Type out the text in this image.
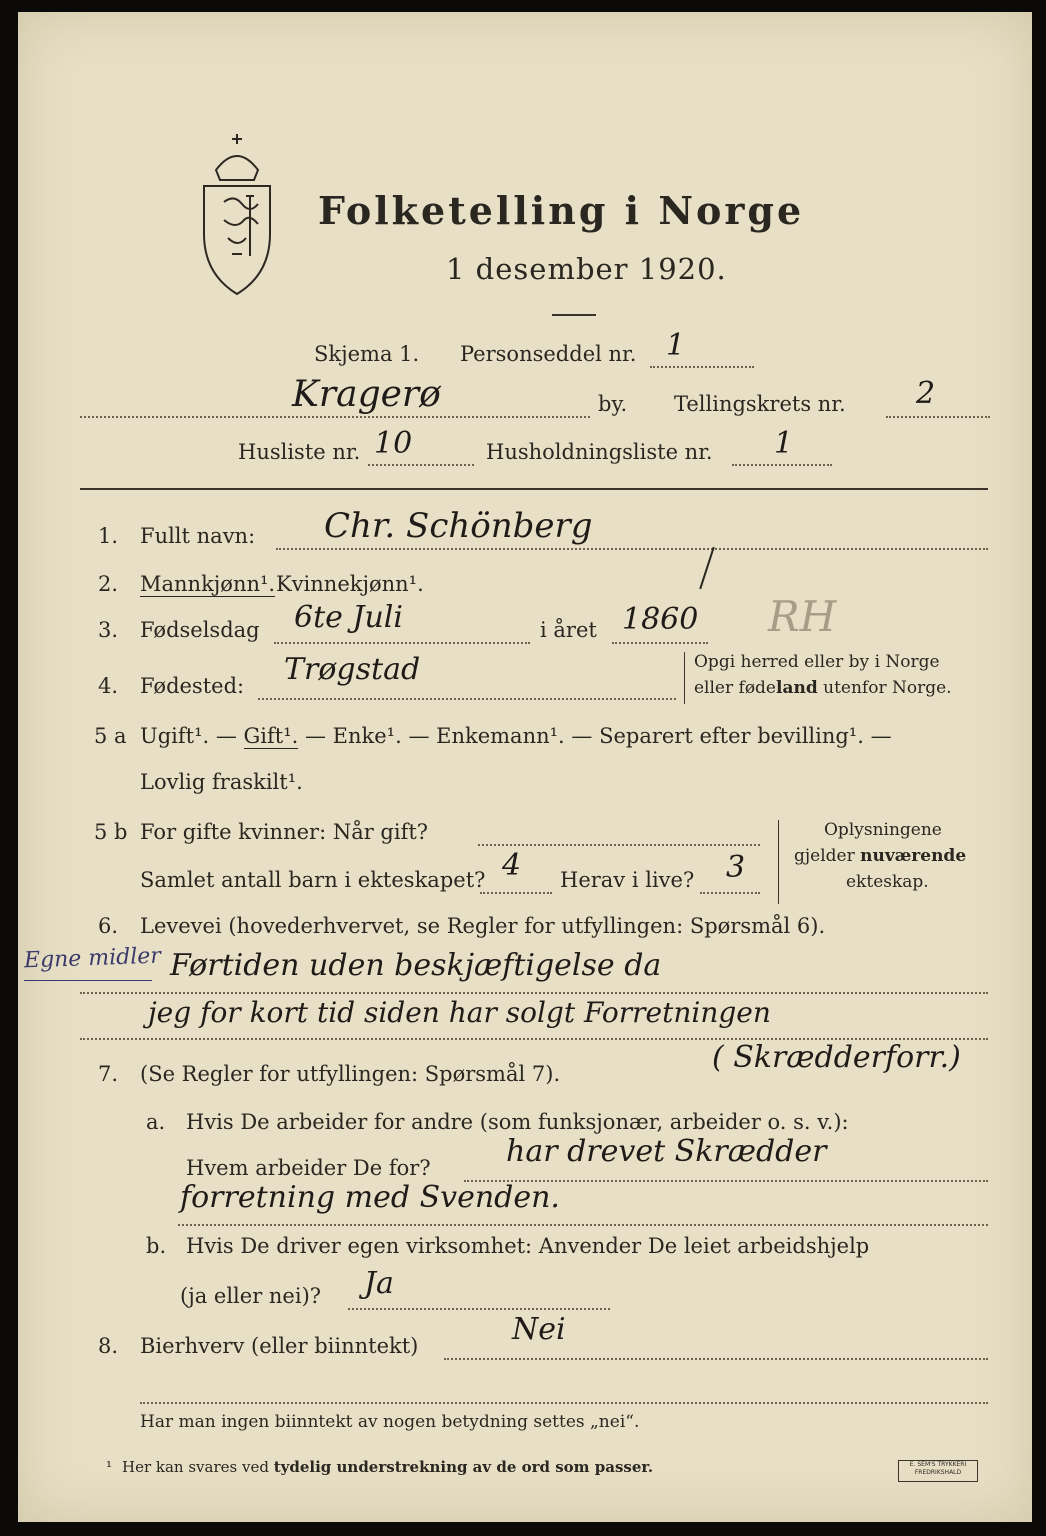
Folketelling i Norge
1 desember 1920.
Skjema 1. Personseddel nr. 1
Kragerø	by. Tellingskrets nr. 2
Husliste nr. 10	Husholdningsliste nr. 1
1. Fullt navn: Chr. Schönberg
2. Mannkjønn¹. Kvinnekjønn¹.
3. Fødselsdag 6te Juli	i året 1860 RH
4. Fødested: Trøgstad	Opgi herred eller by i Norge
eller fødeland utenfor Norge.
5 a Ugift¹. — Gift¹. — Enke¹. — Enkemann¹. — Separert efter bevilling¹. —
Lovlig fraskilt¹.
5 b For gifte kvinner: Når gift?
Samlet antall barn i ekteskapet? 4 Herav i live? 3
Oplysningene
gjelder nuværende
ekteskap.
6. Levevei (hovederhvervet, se Regler for utfyllingen: Spørsmål 6).
Egne midler Førtiden uden beskjæftigelse da
jeg for kort tid siden har solgt Forretningen
7. (Se Regler for utfyllingen: Spørsmål 7).	( Skrædderforr.)
a. Hvis De arbeider for andre (som funksjonær, arbeider o. s. v.):
Hvem arbeider De for?	har drevet Skrædder
forretning med Svenden.
b. Hvis De driver egen virksomhet: Anvender De leiet arbeidshjelp
(ja eller nei)? Ja
8. Bierhverv (eller biinntekt)	Nei
Har man ingen biinntekt av nogen betydning settes „nei“.
¹ Her kan svares ved tydelig understrekning av de ord som passer.	E. SEM'S TRYKKERI
FREDRIKSHALD
